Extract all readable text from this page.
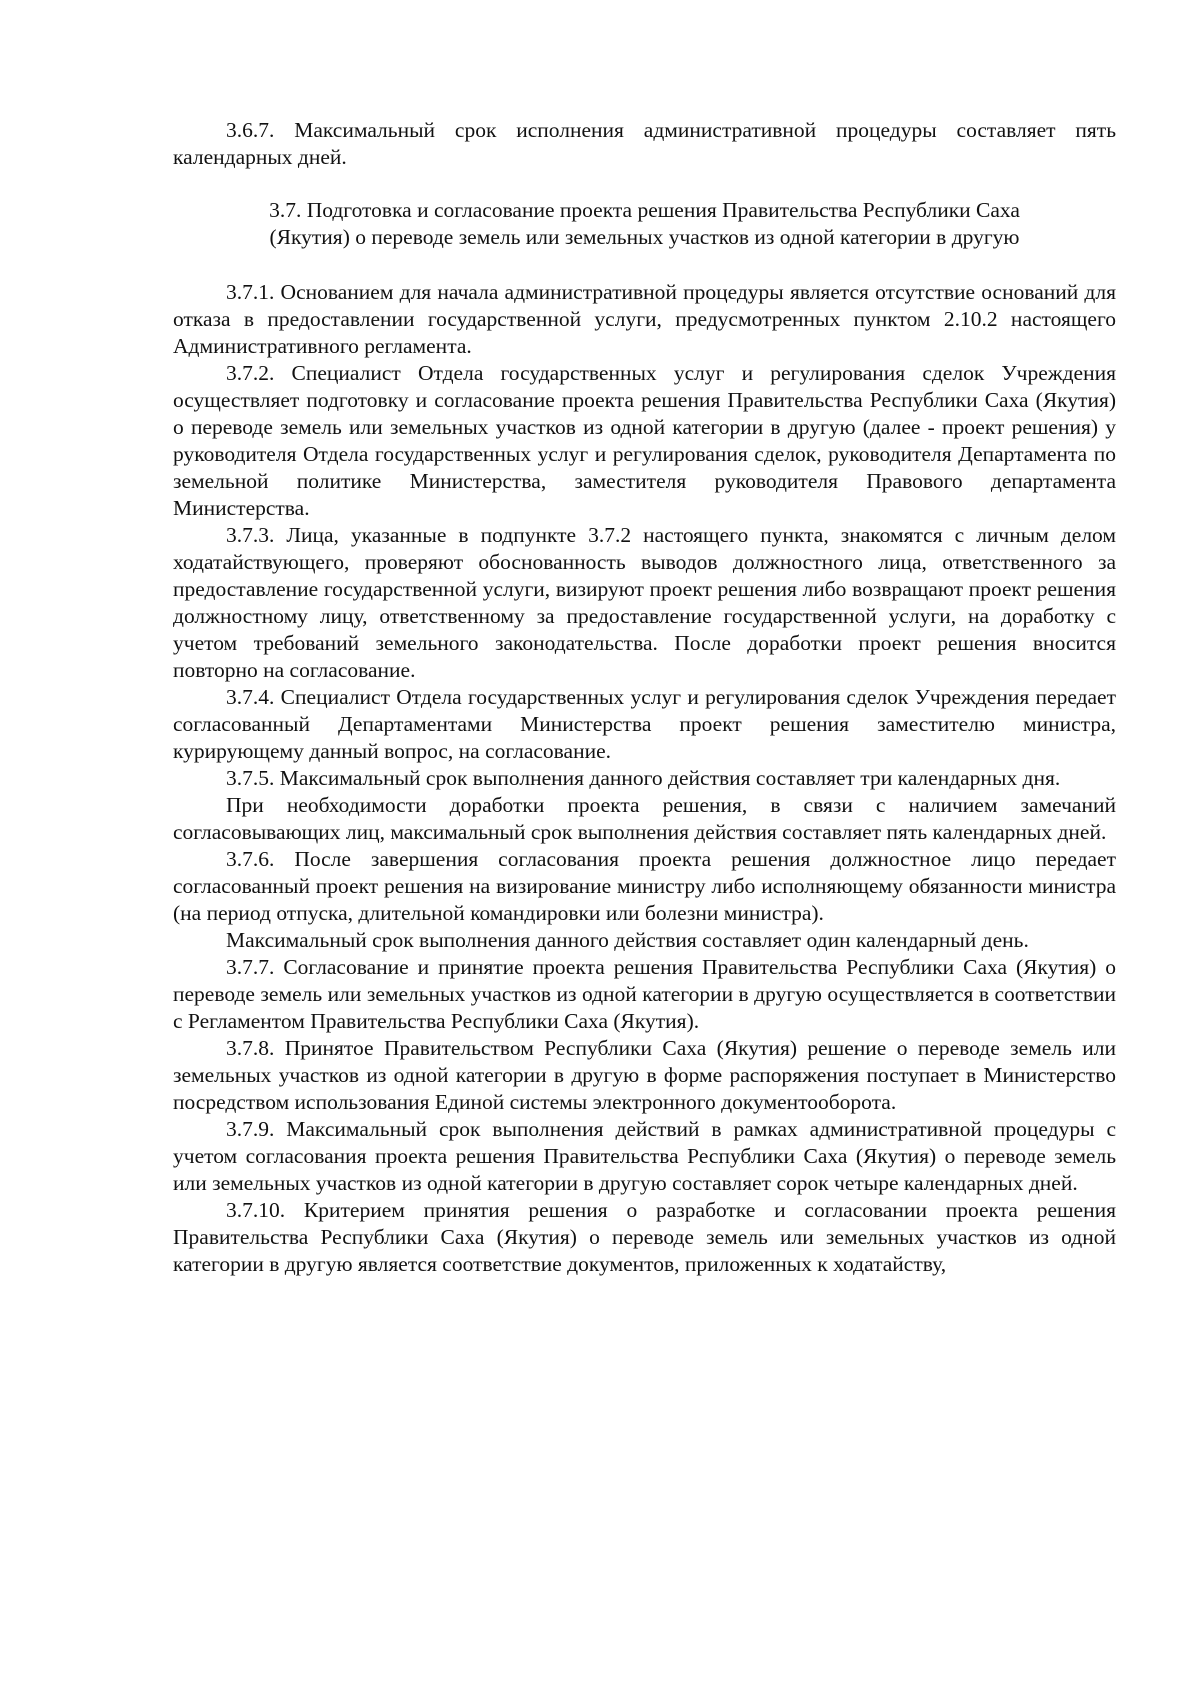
3.6.7. Максимальный срок исполнения административной процедуры составляет пять календарных дней.

3.7. Подготовка и согласование проекта решения Правительства Республики Саха
(Якутия) о переводе земель или земельных участков из одной категории в другую

3.7.1. Основанием для начала административной процедуры является отсутствие оснований для отказа в предоставлении государственной услуги, предусмотренных пунктом 2.10.2 настоящего Административного регламента.

3.7.2. Специалист Отдела государственных услуг и регулирования сделок Учреждения осуществляет подготовку и согласование проекта решения Правительства Республики Саха (Якутия) о переводе земель или земельных участков из одной категории в другую (далее - проект решения) у руководителя Отдела государственных услуг и регулирования сделок, руководителя Департамента по земельной политике Министерства, заместителя руководителя Правового департамента Министерства.

3.7.3. Лица, указанные в подпункте 3.7.2 настоящего пункта, знакомятся с личным делом ходатайствующего, проверяют обоснованность выводов должностного лица, ответственного за предоставление государственной услуги, визируют проект решения либо возвращают проект решения должностному лицу, ответственному за предоставление государственной услуги, на доработку с учетом требований земельного законодательства. После доработки проект решения вносится повторно на согласование.

3.7.4. Специалист Отдела государственных услуг и регулирования сделок Учреждения передает согласованный Департаментами Министерства проект решения заместителю министра, курирующему данный вопрос, на согласование.

3.7.5. Максимальный срок выполнения данного действия составляет три календарных дня.

При необходимости доработки проекта решения, в связи с наличием замечаний согласовывающих лиц, максимальный срок выполнения действия составляет пять календарных дней.

3.7.6. После завершения согласования проекта решения должностное лицо передает согласованный проект решения на визирование министру либо исполняющему обязанности министра (на период отпуска, длительной командировки или болезни министра).

Максимальный срок выполнения данного действия составляет один календарный день.

3.7.7. Согласование и принятие проекта решения Правительства Республики Саха (Якутия) о переводе земель или земельных участков из одной категории в другую осуществляется в соответствии с Регламентом Правительства Республики Саха (Якутия).

3.7.8. Принятое Правительством Республики Саха (Якутия) решение о переводе земель или земельных участков из одной категории в другую в форме распоряжения поступает в Министерство посредством использования Единой системы электронного документооборота.

3.7.9. Максимальный срок выполнения действий в рамках административной процедуры с учетом согласования проекта решения Правительства Республики Саха (Якутия) о переводе земель или земельных участков из одной категории в другую составляет сорок четыре календарных дней.

3.7.10. Критерием принятия решения о разработке и согласовании проекта решения Правительства Республики Саха (Якутия) о переводе земель или земельных участков из одной категории в другую является соответствие документов, приложенных к ходатайству,
